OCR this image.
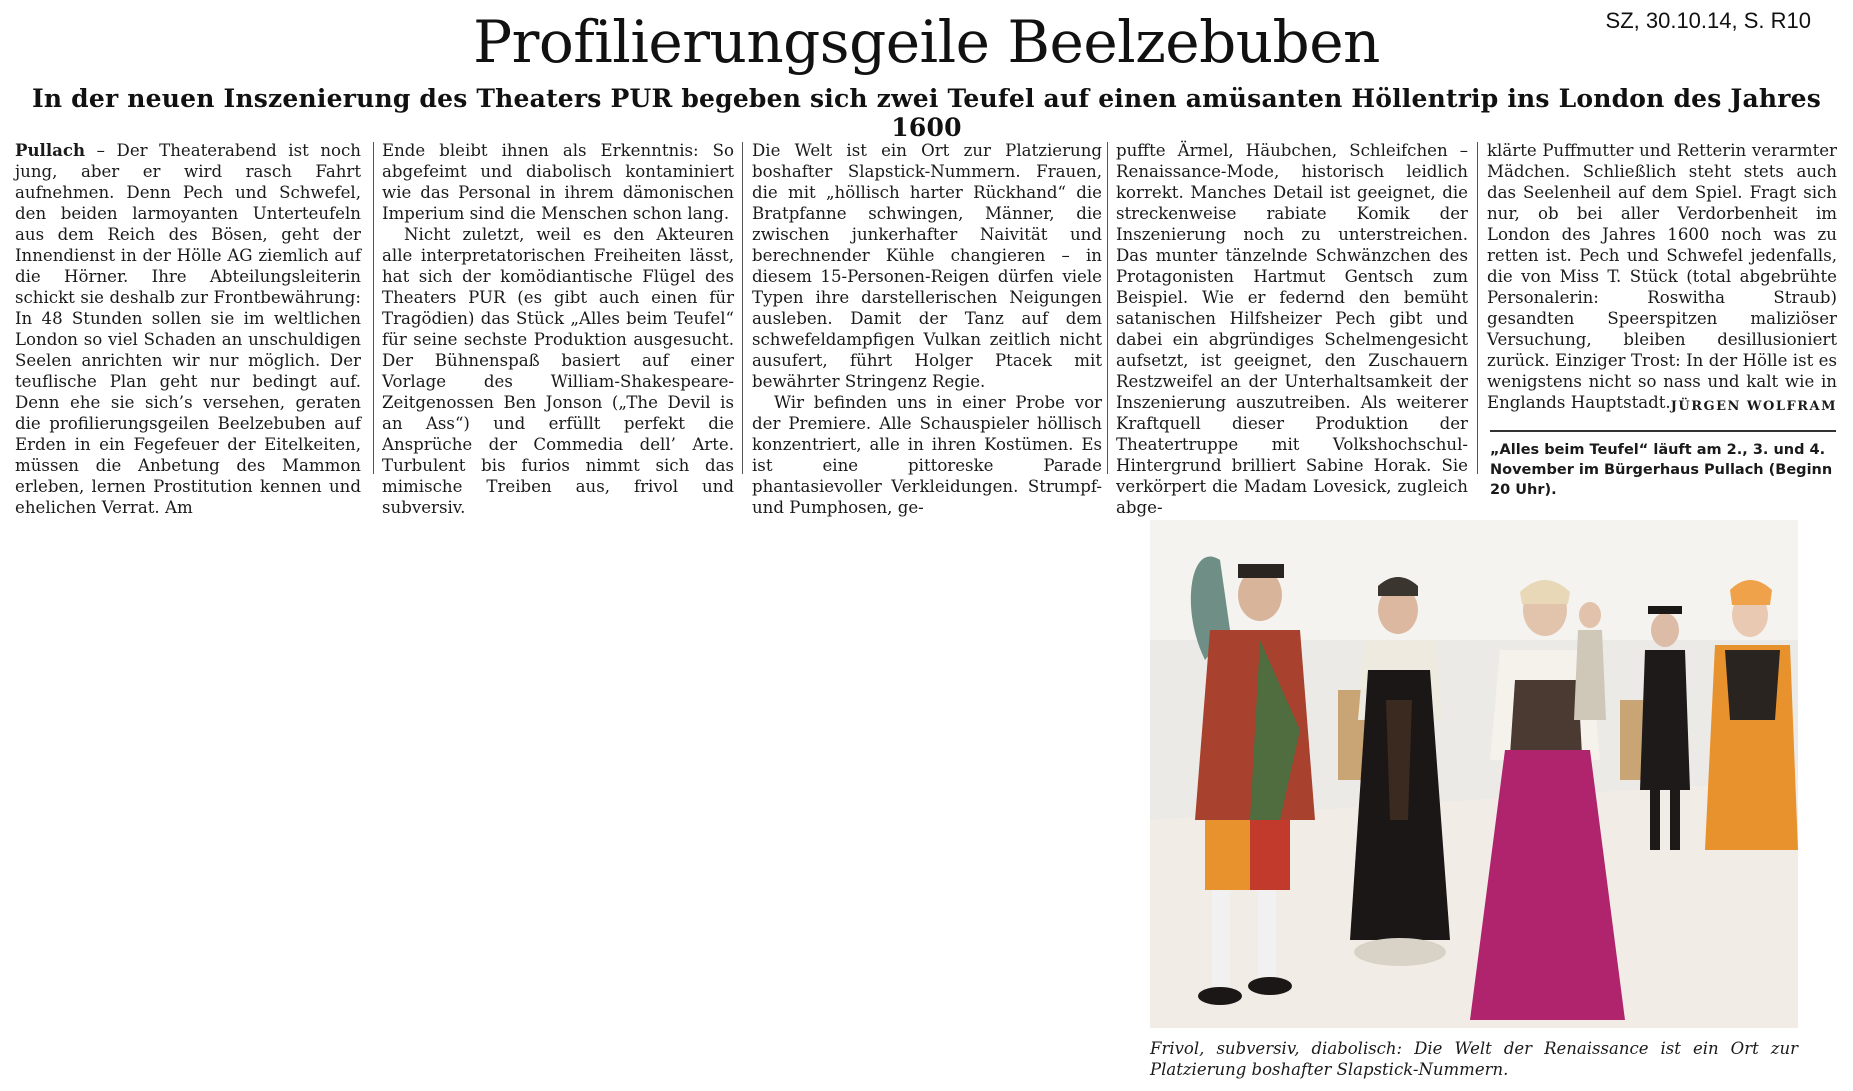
SZ, 30.10.14, S. R10
Profilierungsgeile Beelzebuben
In der neuen Inszenierung des Theaters PUR begeben sich zwei Teufel auf einen amüsanten Höllentrip ins London des Jahres 1600

Pullach – Der Theaterabend ist noch jung, aber er wird rasch Fahrt aufnehmen. Denn Pech und Schwefel, den beiden larmoyanten Unterteufeln aus dem Reich des Bösen, geht der Innendienst in der Hölle AG ziemlich auf die Hörner. Ihre Abteilungsleiterin schickt sie deshalb zur Frontbewährung: In 48 Stunden sollen sie im weltlichen London so viel Schaden an unschuldigen Seelen anrichten wir nur möglich. Der teuflische Plan geht nur bedingt auf. Denn ehe sie sich’s versehen, geraten die profilierungsgeilen Beelzebuben auf Erden in ein Fegefeuer der Eitelkeiten, müssen die Anbetung des Mammon erleben, lernen Prostitution kennen und ehelichen Verrat. Am

Ende bleibt ihnen als Erkenntnis: So abgefeimt und diabolisch kontaminiert wie das Personal in ihrem dämonischen Imperium sind die Menschen schon lang.

Nicht zuletzt, weil es den Akteuren alle interpretatorischen Freiheiten lässt, hat sich der komödiantische Flügel des Theaters PUR (es gibt auch einen für Tragödien) das Stück „Alles beim Teufel“ für seine sechste Produktion ausgesucht. Der Bühnenspaß basiert auf einer Vorlage des William-Shakespeare-Zeitgenossen Ben Jonson („The Devil is an Ass“) und erfüllt perfekt die Ansprüche der Commedia dell’ Arte. Turbulent bis furios nimmt sich das mimische Treiben aus, frivol und subversiv.

Die Welt ist ein Ort zur Platzierung boshafter Slapstick-Nummern. Frauen, die mit „höllisch harter Rückhand“ die Bratpfanne schwingen, Männer, die zwischen junkerhafter Naivität und berechnender Kühle changieren – in diesem 15-Personen-Reigen dürfen viele Typen ihre darstellerischen Neigungen ausleben. Damit der Tanz auf dem schwefeldampfigen Vulkan zeitlich nicht ausufert, führt Holger Ptacek mit bewährter Stringenz Regie.

Wir befinden uns in einer Probe vor der Premiere. Alle Schauspieler höllisch konzentriert, alle in ihren Kostümen. Es ist eine pittoreske Parade phantasievoller Verkleidungen. Strumpf- und Pumphosen, ge-

puffte Ärmel, Häubchen, Schleifchen – Renaissance-Mode, historisch leidlich korrekt. Manches Detail ist geeignet, die streckenweise rabiate Komik der Inszenierung noch zu unterstreichen. Das munter tänzelnde Schwänzchen des Protagonisten Hartmut Gentsch zum Beispiel. Wie er federnd den bemüht satanischen Hilfsheizer Pech gibt und dabei ein abgründiges Schelmengesicht aufsetzt, ist geeignet, den Zuschauern Restzweifel an der Unterhaltsamkeit der Inszenierung auszutreiben. Als weiterer Kraftquell dieser Produktion der Theatertruppe mit Volkshochschul-Hintergrund brilliert Sabine Horak. Sie verkörpert die Madam Lovesick, zugleich abge-

klärte Puffmutter und Retterin verarmter Mädchen. Schließlich steht stets auch das Seelenheil auf dem Spiel. Fragt sich nur, ob bei aller Verdorbenheit im London des Jahres 1600 noch was zu retten ist. Pech und Schwefel jedenfalls, die von Miss T. Stück (total abgebrühte Personalerin: Roswitha Straub) gesandten Speerspitzen maliziöser Versuchung, bleiben desillusioniert zurück. Einziger Trost: In der Hölle ist es wenigstens nicht so nass und kalt wie in Englands Hauptstadt. JÜRGEN WOLFRAM

„Alles beim Teufel“ läuft am 2., 3. und 4. November im Bürgerhaus Pullach (Beginn 20 Uhr).
Frivol, subversiv, diabolisch: Die Welt der Renaissance ist ein Ort zur Platzierung boshafter Slapstick-Nummern.
